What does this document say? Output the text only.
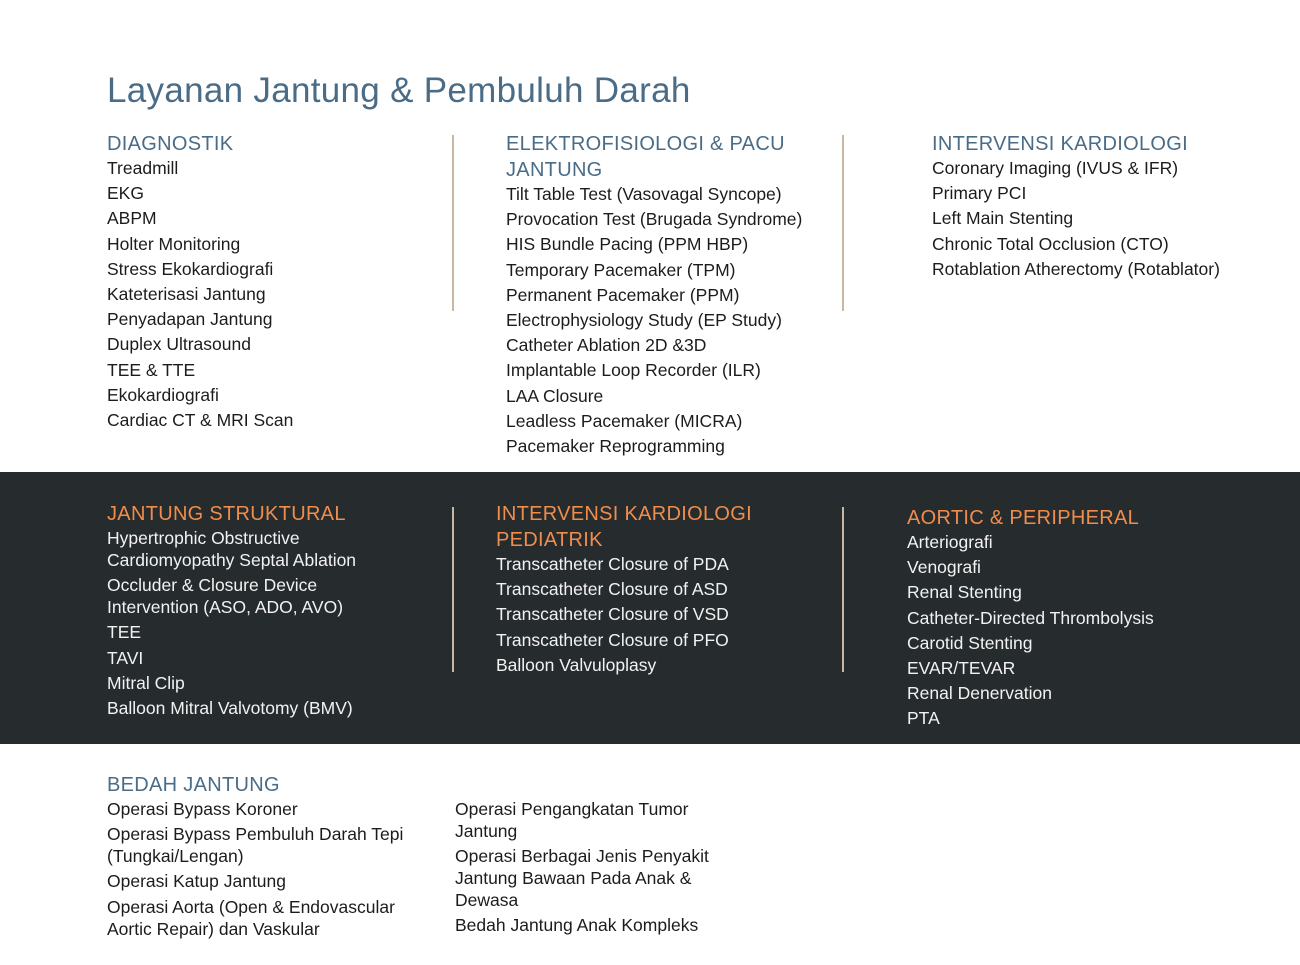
Layanan Jantung & Pembuluh Darah
DIAGNOSTIK
Treadmill
EKG
ABPM
Holter Monitoring
Stress Ekokardiografi
Kateterisasi Jantung
Penyadapan Jantung
Duplex Ultrasound
TEE & TTE
Ekokardiografi
Cardiac CT & MRI Scan
ELEKTROFISIOLOGI & PACU JANTUNG
Tilt Table Test (Vasovagal Syncope)
Provocation Test (Brugada Syndrome)
HIS Bundle Pacing (PPM HBP)
Temporary Pacemaker (TPM)
Permanent Pacemaker (PPM)
Electrophysiology Study (EP Study)
Catheter Ablation 2D &3D
Implantable Loop Recorder (ILR)
LAA Closure
Leadless Pacemaker (MICRA)
Pacemaker Reprogramming
INTERVENSI KARDIOLOGI
Coronary Imaging (IVUS & IFR)
Primary PCI
Left Main Stenting
Chronic Total Occlusion (CTO)
Rotablation Atherectomy (Rotablator)
JANTUNG STRUKTURAL
Hypertrophic Obstructive Cardiomyopathy Septal Ablation
Occluder & Closure Device Intervention (ASO, ADO, AVO)
TEE
TAVI
Mitral Clip
Balloon Mitral Valvotomy (BMV)
INTERVENSI KARDIOLOGI PEDIATRIK
Transcatheter Closure of PDA
Transcatheter Closure of ASD
Transcatheter Closure of VSD
Transcatheter Closure of PFO
Balloon Valvuloplasy
AORTIC & PERIPHERAL
Arteriografi
Venografi
Renal Stenting
Catheter-Directed Thrombolysis
Carotid Stenting
EVAR/TEVAR
Renal Denervation
PTA
BEDAH JANTUNG
Operasi Bypass Koroner
Operasi Bypass Pembuluh Darah Tepi (Tungkai/Lengan)
Operasi Katup Jantung
Operasi Aorta (Open & Endovascular Aortic Repair) dan Vaskular
Operasi Pengangkatan Tumor Jantung
Operasi Berbagai Jenis Penyakit Jantung Bawaan Pada Anak & Dewasa
Bedah Jantung Anak Kompleks
